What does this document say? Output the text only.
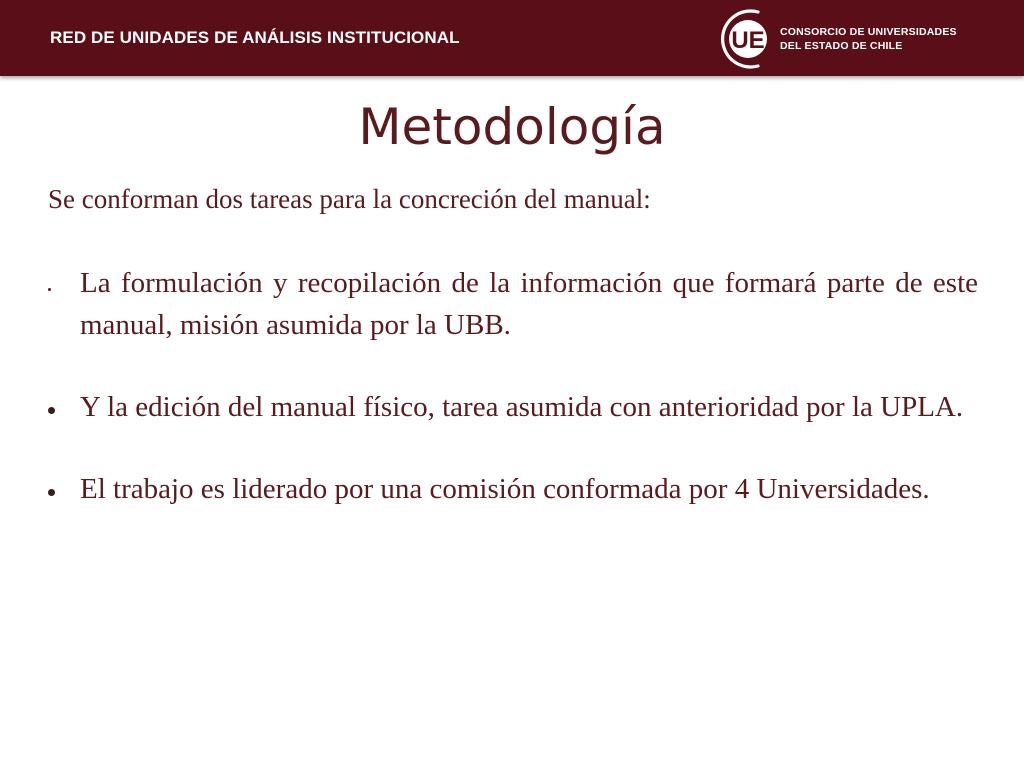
RED DE UNIDADES DE ANÁLISIS INSTITUCIONAL	UE CONSORCIO DE UNIVERSIDADES
DEL ESTADO DE CHILE
Metodología
Se conforman dos tareas para la concreción del manual:
La formulación y recopilación de la información que formará parte de este manual, misión asumida por la UBB.
Y la edición del manual físico, tarea asumida con anterioridad por la UPLA.
El trabajo es liderado por una comisión conformada por 4 Universidades.
